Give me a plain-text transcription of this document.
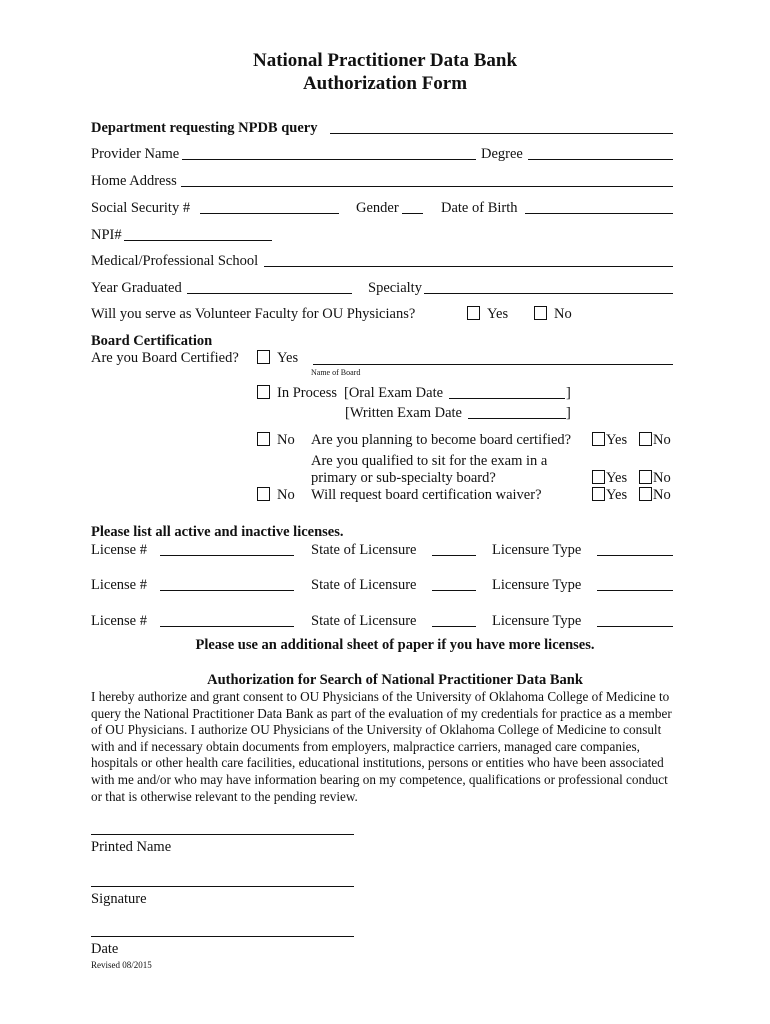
National Practitioner Data Bank
Authorization Form
Department requesting NPDB query
Provider Name	Degree
Home Address
Social Security #	Gender	Date of Birth
NPI#
Medical/Professional School
Year Graduated	Specialty
Will you serve as Volunteer Faculty for OU Physicians?	Yes	No
Board Certification
Are you Board Certified?	Yes
Name of Board
In Process [Oral Exam Date	]
[Written Exam Date	]
No Are you planning to become board certified? Yes No
Are you qualified to sit for the exam in a
primary or sub-specialty board?	Yes No
No Will request board certification waiver?	Yes No
Please list all active and inactive licenses.
License #	State of Licensure	Licensure Type
License #	State of Licensure	Licensure Type
License #	State of Licensure	Licensure Type
Please use an additional sheet of paper if you have more licenses.
Authorization for Search of National Practitioner Data Bank

I hereby authorize and grant consent to OU Physicians of the University of Oklahoma College of Medicine to

query the National Practitioner Data Bank as part of the evaluation of my credentials for practice as a member

of OU Physicians. I authorize OU Physicians of the University of Oklahoma College of Medicine to consult

with and if necessary obtain documents from employers, malpractice carriers, managed care companies,

hospitals or other health care facilities, educational institutions, persons or entities who have been associated

with me and/or who may have information bearing on my competence, qualifications or professional conduct

or that is otherwise relevant to the pending review.

Printed Name
Signature
Date
Revised 08/2015
